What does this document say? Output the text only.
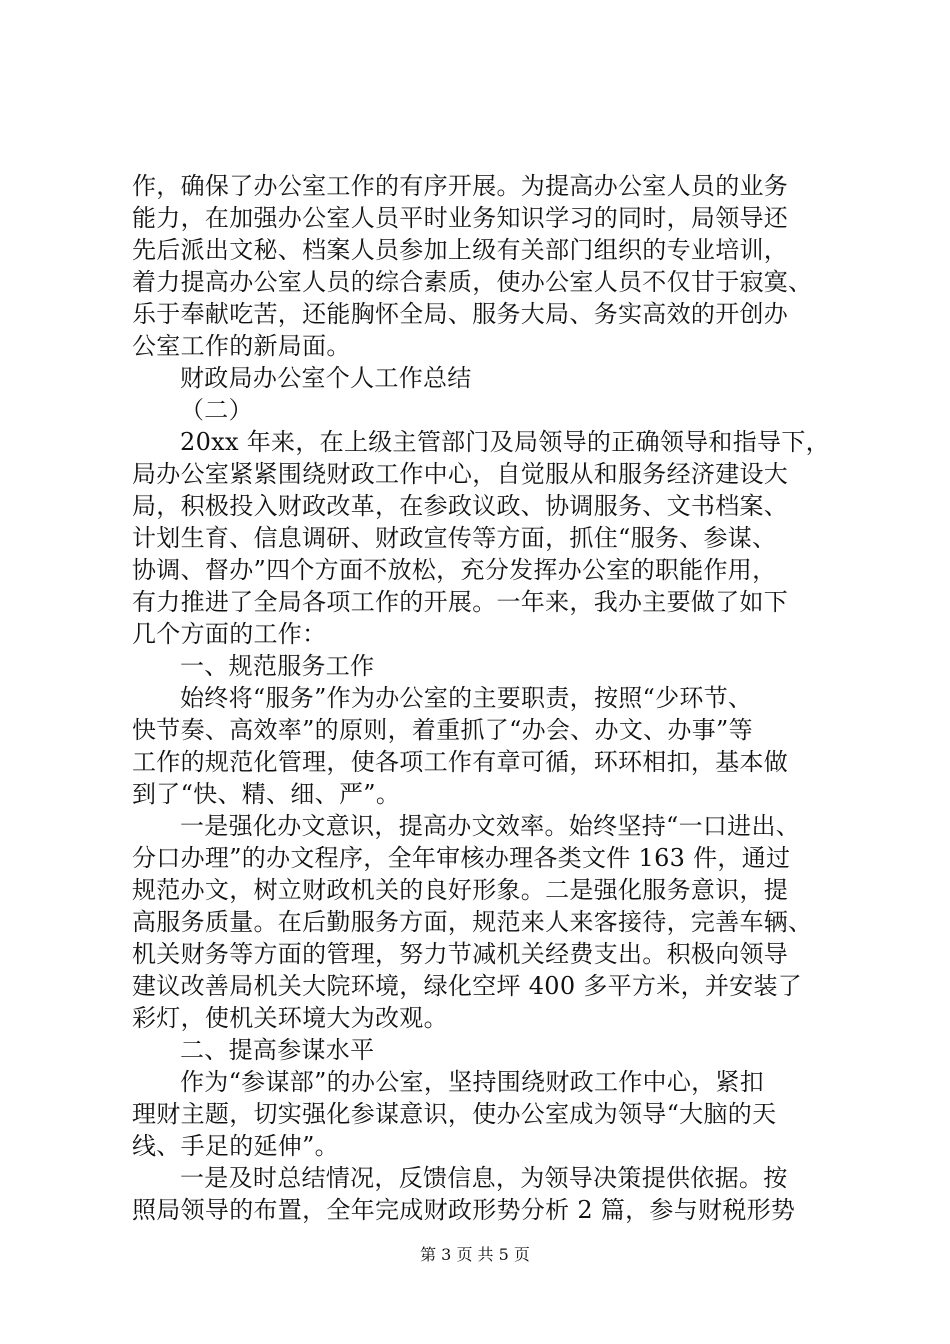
作，确保了办公室工作的有序开展。为提高办公室人员的业务
能力，在加强办公室人员平时业务知识学习的同时，局领导还
先后派出文秘、档案人员参加上级有关部门组织的专业培训，
着力提高办公室人员的综合素质，使办公室人员不仅甘于寂寞、
乐于奉献吃苦，还能胸怀全局、服务大局、务实高效的开创办
公室工作的新局面。
财政局办公室个人工作总结
（二）
20xx 年来，在上级主管部门及局领导的正确领导和指导下，
局办公室紧紧围绕财政工作中心，自觉服从和服务经济建设大
局，积极投入财政改革，在参政议政、协调服务、文书档案、
计划生育、信息调研、财政宣传等方面，抓住“服务、参谋、
协调、督办”四个方面不放松，充分发挥办公室的职能作用，
有力推进了全局各项工作的开展。一年来，我办主要做了如下
几个方面的工作：
一、规范服务工作
始终将“服务”作为办公室的主要职责，按照“少环节、
快节奏、高效率”的原则，着重抓了“办会、办文、办事”等
工作的规范化管理，使各项工作有章可循，环环相扣，基本做
到了“快、精、细、严”。
一是强化办文意识，提高办文效率。始终坚持“一口进出、
分口办理”的办文程序，全年审核办理各类文件 163 件，通过
规范办文，树立财政机关的良好形象。二是强化服务意识，提
高服务质量。在后勤服务方面，规范来人来客接待，完善车辆、
机关财务等方面的管理，努力节减机关经费支出。积极向领导
建议改善局机关大院环境，绿化空坪 400 多平方米，并安装了
彩灯，使机关环境大为改观。
二、提高参谋水平
作为“参谋部”的办公室，坚持围绕财政工作中心，紧扣
理财主题，切实强化参谋意识，使办公室成为领导“大脑的天
线、手足的延伸”。
一是及时总结情况，反馈信息，为领导决策提供依据。按
照局领导的布置，全年完成财政形势分析 2 篇，参与财税形势
第 3 页 共 5 页
